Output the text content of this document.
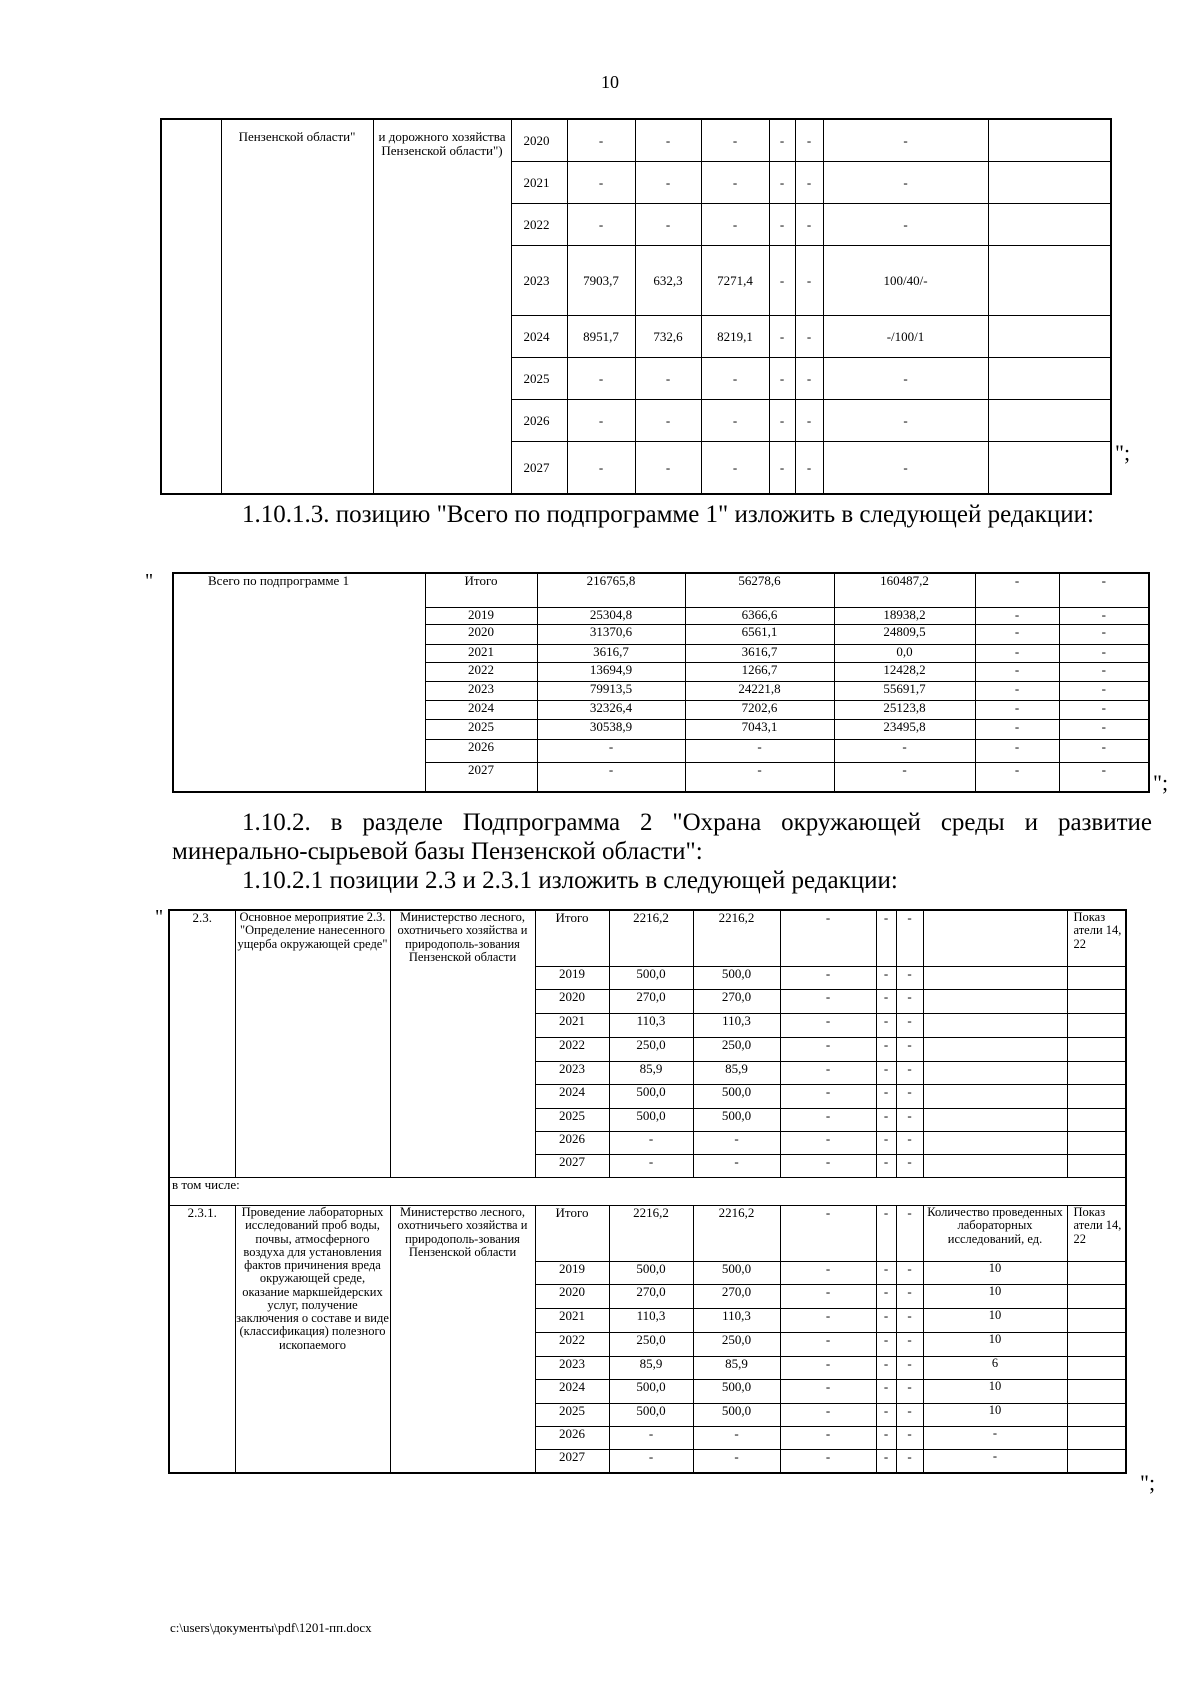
10
	Пензенской области"	и дорожного хозяйства Пензенской области")	2020	-	-	-	-	-	-	
			2021	-	-	-	-	-	-	
			2022	-	-	-	-	-	-	
			2023	7903,7	632,3	7271,4	-	-	100/40/-	
			2024	8951,7	732,6	8219,1	-	-	-/100/1	
			2025	-	-	-	-	-	-	
			2026	-	-	-	-	-	-	
			2027	-	-	-	-	-	-	
";
1.10.1.3. позицию "Всего по подпрограмме 1" изложить в следующей редакции:
"	Всего по подпрограмме 1	Итого	216765,8	56278,6	160487,2	-	-
	2019	25304,8	6366,6	18938,2	-	-
	2020	31370,6	6561,1	24809,5	-	-
	2021	3616,7	3616,7	0,0	-	-
	2022	13694,9	1266,7	12428,2	-	-
	2023	79913,5	24221,8	55691,7	-	-
	2024	32326,4	7202,6	25123,8	-	-
	2025	30538,9	7043,1	23495,8	-	-
	2026	-	-	-	-	-
	2027	-	-	-	-	-
";
1.10.2. в разделе Подпрограмма 2 "Охрана окружающей среды и развитие минерально-сырьевой базы Пензенской области":
1.10.2.1 позиции 2.3 и 2.3.1 изложить в следующей редакции:
" 2.3.	Основное мероприятие 2.3. "Определение нанесенного ущерба окружающей среде"	Министерство лесного, охотничьего хозяйства и природополь-зования Пензенской области	Итого	2216,2	2216,2	-	-	-		Показ атели 14, 22
			2019	500,0	500,0	-	-	-		
			2020	270,0	270,0	-	-	-		
			2021	110,3	110,3	-	-	-		
			2022	250,0	250,0	-	-	-		
			2023	85,9	85,9	-	-	-		
			2024	500,0	500,0	-	-	-		
			2025	500,0	500,0	-	-	-		
			2026	-	-	-	-	-		
			2027	-	-	-	-	-		
в том числе:										
2.3.1.	Проведение лабораторных исследований проб воды, почвы, атмосферного воздуха для установления фактов причинения вреда окружающей среде, оказание маркшейдерских услуг, получение заключения о составе и виде (классификация) полезного ископаемого	Министерство лесного, охотничьего хозяйства и природополь-зования Пензенской области	Итого	2216,2	2216,2	-	-	-	Количество проведенных лабораторных исследований, ед.	Показ атели 14, 22
			2019	500,0	500,0	-	-	-	10	
			2020	270,0	270,0	-	-	-	10	
			2021	110,3	110,3	-	-	-	10	
			2022	250,0	250,0	-	-	-	10	
			2023	85,9	85,9	-	-	-	6	
			2024	500,0	500,0	-	-	-	10	
			2025	500,0	500,0	-	-	-	10	
			2026	-	-	-	-	-	-	
			2027	-	-	-	-	-	-	
";
c:\users\документы\pdf\1201-пп.docx
